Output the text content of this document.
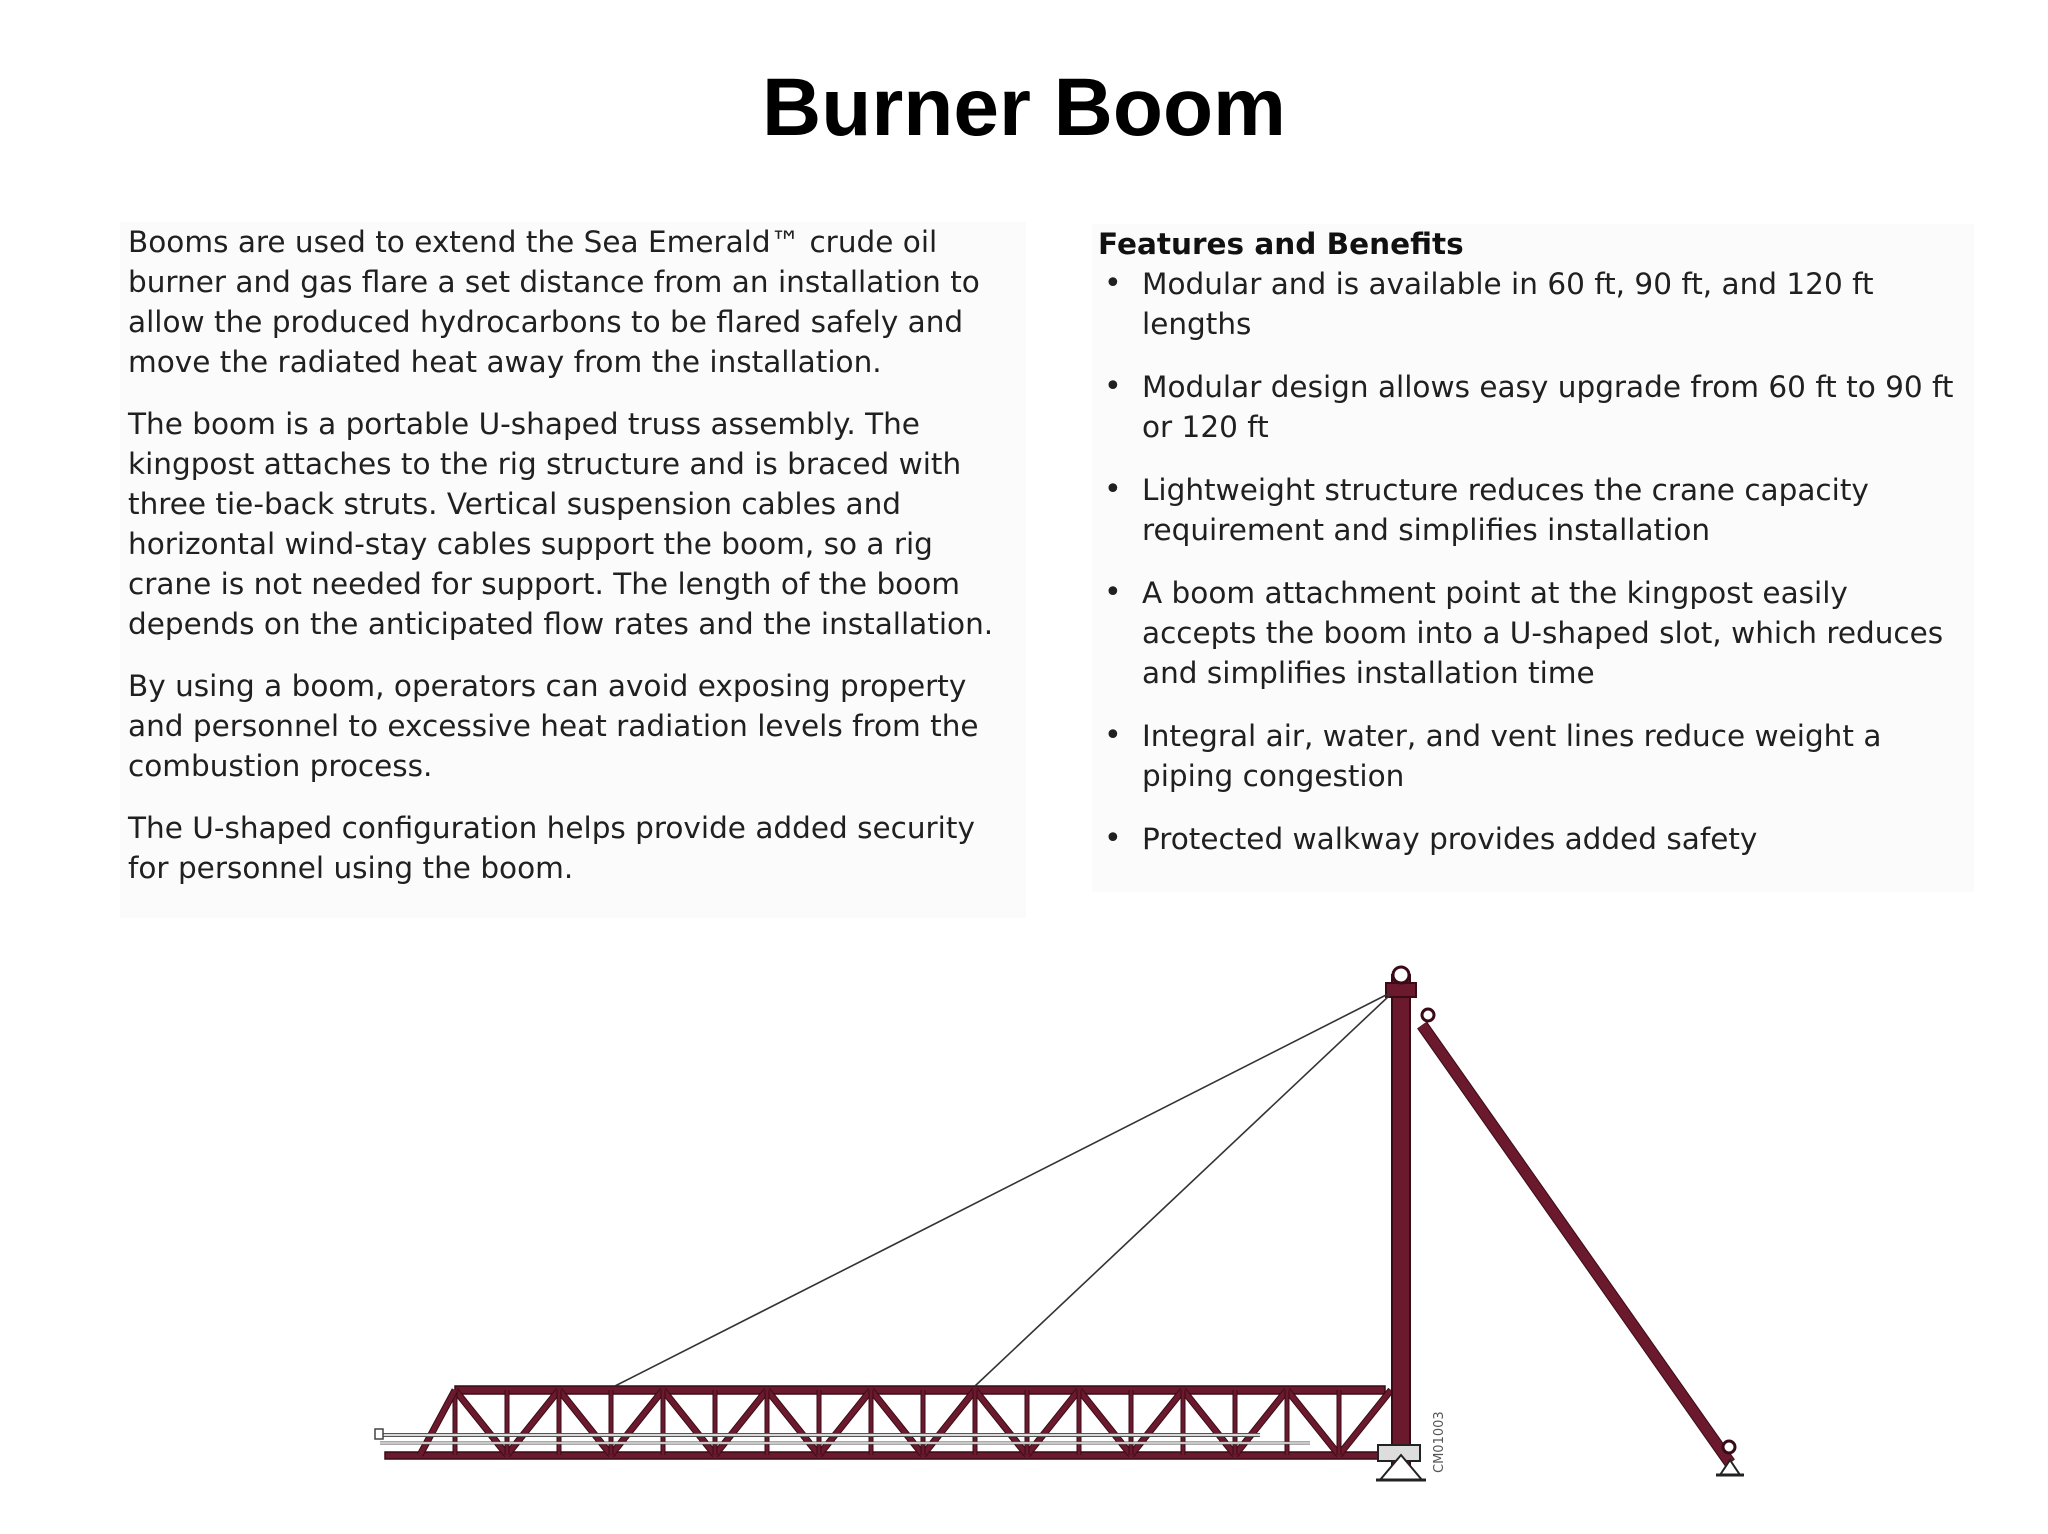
Burner Boom

Booms are used to extend the Sea Emerald™ crude oil burner and gas flare a set distance from an installation to allow the produced hydrocarbons to be flared safely and move the radiated heat away from the installation.

The boom is a portable U-shaped truss assembly. The kingpost attaches to the rig structure and is braced with three tie-back struts. Vertical suspension cables and horizontal wind-stay cables support the boom, so a rig crane is not needed for support. The length of the boom depends on the anticipated flow rates and the installation.

By using a boom, operators can avoid exposing property and personnel to excessive heat radiation levels from the combustion process.

The U-shaped configuration helps provide added security for personnel using the boom.

Features and Benefits
• Modular and is available in 60 ft, 90 ft, and 120 ft lengths
• Modular design allows easy upgrade from 60 ft to 90 ft or 120 ft
• Lightweight structure reduces the crane capacity requirement and simplifies installation
• A boom attachment point at the kingpost easily accepts the boom into a U-shaped slot, which reduces and simplifies installation time
• Integral air, water, and vent lines reduce weight a piping congestion
• Protected walkway provides added safety
CM01003
